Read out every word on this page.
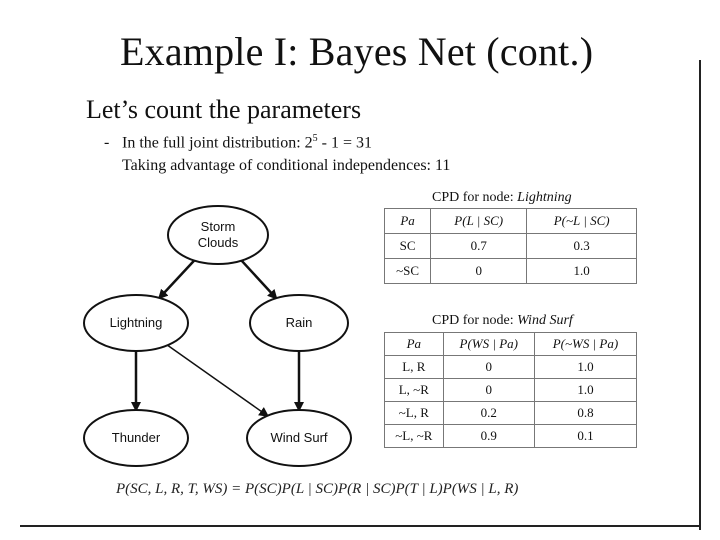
Example I: Bayes Net (cont.)
Let’s count the parameters
- In the full joint distribution: $2^5 - 1 = 31$
Taking advantage of conditional independences: 11
Storm
Clouds
Lightning	Rain
Thunder	Wind Surf
CPD for node: Lightning
Pa	P(L | SC)	P(~L | SC)
SC	0.7	0.3
~SC	0	1.0
CPD for node: Wind Surf
Pa	P(WS | Pa)	P(~WS | Pa)
L, R	0	1.0
L, ~R	0	1.0
~L, R	0.2	0.8
~L, ~R	0.9	0.1
P(SC, L, R, T, WS) = P(SC)P(L | SC)P(R | SC)P(T | L)P(WS | L, R)
